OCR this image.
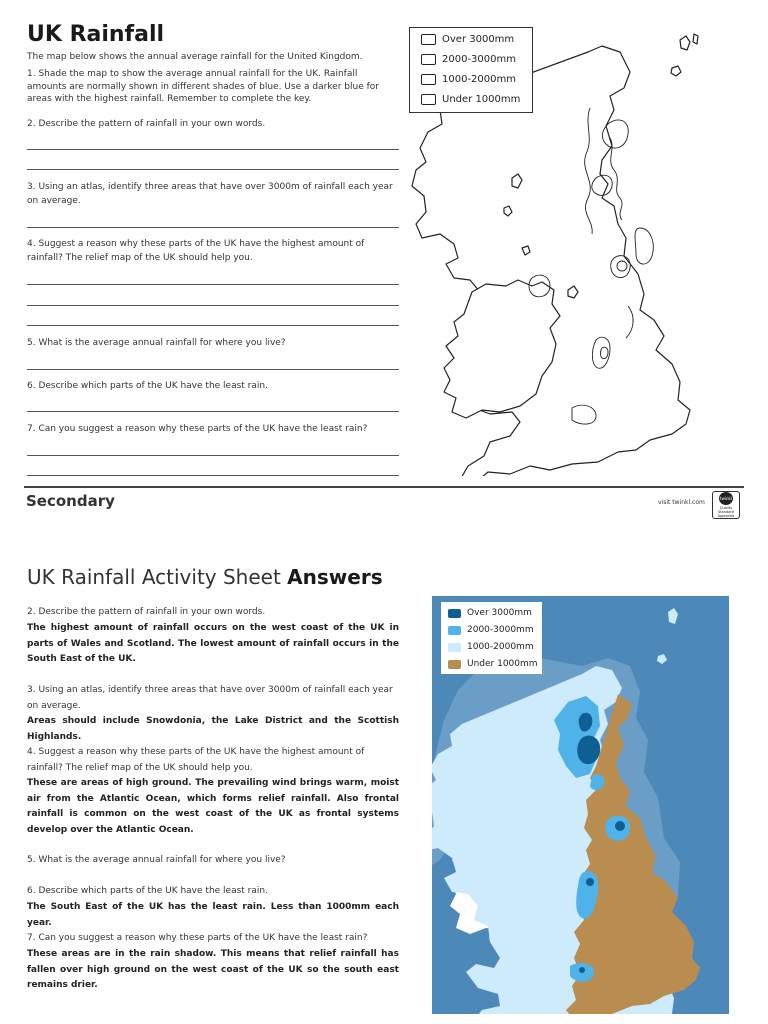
UK Rainfall
The map below shows the annual average rainfall for the United Kingdom.
1. Shade the map to show the average annual rainfall for the UK. Rainfall amounts are normally shown in different shades of blue. Use a darker blue for areas with the highest rainfall. Remember to complete the key.
2. Describe the pattern of rainfall in your own words.
3. Using an atlas, identify three areas that have over 3000m of rainfall each year on average.
4. Suggest a reason why these parts of the UK have the highest amount of rainfall? The relief map of the UK should help you.
5. What is the average annual rainfall for where you live?
6. Describe which parts of the UK have the least rain.
7. Can you suggest a reason why these parts of the UK have the least rain?
Over 3000mm
2000-3000mm
1000-2000mm
Under 1000mm
Secondary	visit twinkl.com
twinkl
Quality Standard Approved
UK Rainfall Activity Sheet Answers
2. Describe the pattern of rainfall in your own words.
The highest amount of rainfall occurs on the west coast of the UK in parts of Wales and Scotland. The lowest amount of rainfall occurs in the South East of the UK.
3. Using an atlas, identify three areas that have over 3000m of rainfall each year on average.
Areas should include Snowdonia, the Lake District and the Scottish Highlands.
4. Suggest a reason why these parts of the UK have the highest amount of rainfall? The relief map of the UK should help you.
These are areas of high ground. The prevailing wind brings warm, moist air from the Atlantic Ocean, which forms relief rainfall. Also frontal rainfall is common on the west coast of the UK as frontal systems develop over the Atlantic Ocean.
5. What is the average annual rainfall for where you live?
6. Describe which parts of the UK have the least rain.
The South East of the UK has the least rain. Less than 1000mm each year.
7. Can you suggest a reason why these parts of the UK have the least rain?
These areas are in the rain shadow. This means that relief rainfall has fallen over high ground on the west coast of the UK so the south east remains drier.
Over 3000mm
2000-3000mm
1000-2000mm
Under 1000mm
